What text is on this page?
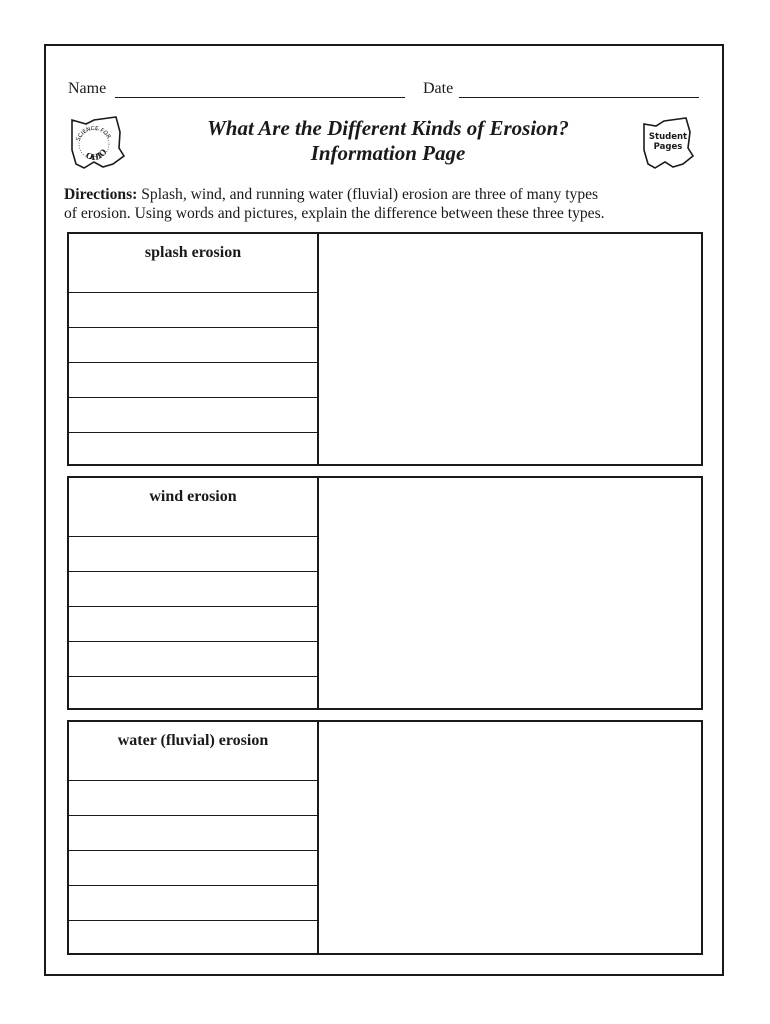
Name	Date
SCIENCE FOR
OHIO
What Are the Different Kinds of Erosion?
Information Page
Student
Pages
Directions: Splash, wind, and running water (fluvial) erosion are three of many types
of erosion. Using words and pictures, explain the difference between these three types.
splash erosion
wind erosion
water (fluvial) erosion
